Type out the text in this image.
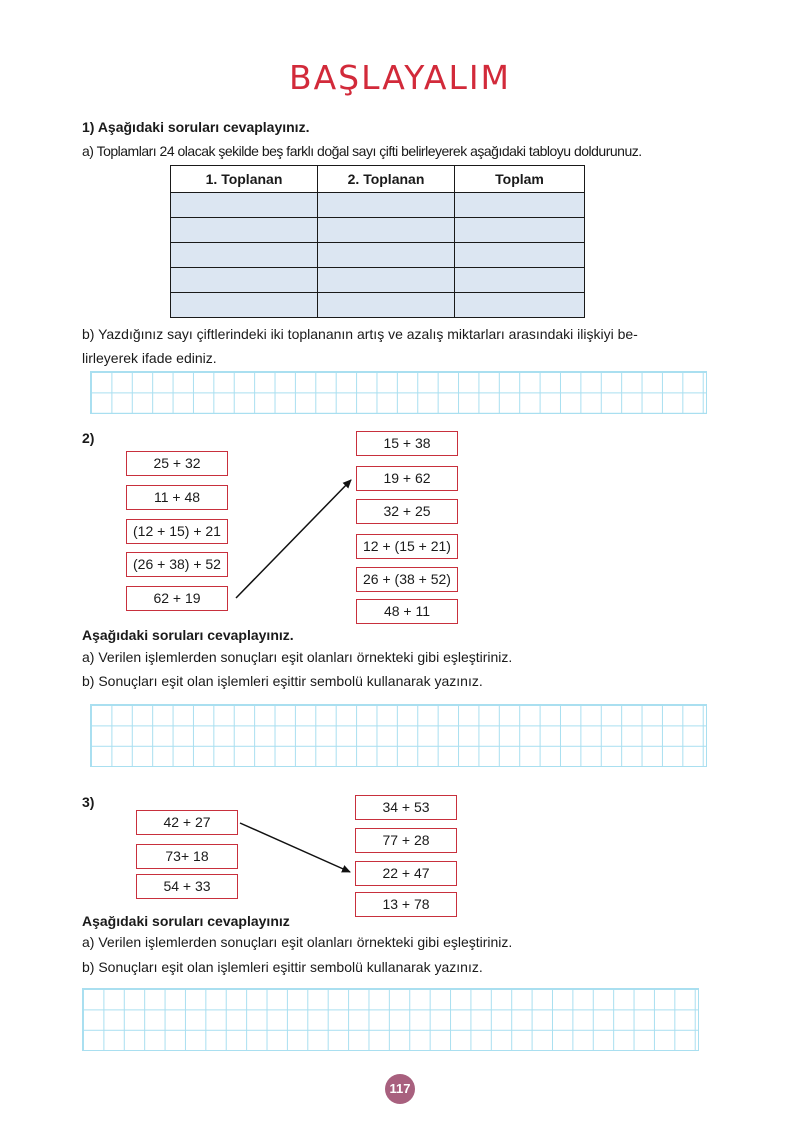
BAŞLAYALIM
1) Aşağıdaki soruları cevaplayınız.
a) Toplamları 24 olacak şekilde beş farklı doğal sayı çifti belirleyerek aşağıdaki tabloyu doldurunuz.
1. Toplanan	2. Toplanan	Toplam

b) Yazdığınız sayı çiftlerindeki iki toplananın artış ve azalış miktarları arasındaki ilişkiyi be-
lirleyerek ifade ediniz.
2)
25 + 32
11 + 48
(12 + 15) + 21
(26 + 38) + 52
62 + 19
15 + 38
19 + 62
32 + 25
12 + (15 + 21)
26 + (38 + 52)
48 + 11
Aşağıdaki soruları cevaplayınız.
a) Verilen işlemlerden sonuçları eşit olanları örnekteki gibi eşleştiriniz.
b) Sonuçları eşit olan işlemleri eşittir sembolü kullanarak yazınız.
3)
42 + 27
73+ 18
54 + 33
34 + 53
77 + 28
22 + 47
13 + 78
Aşağıdaki soruları cevaplayınız
a) Verilen işlemlerden sonuçları eşit olanları örnekteki gibi eşleştiriniz.
b) Sonuçları eşit olan işlemleri eşittir sembolü kullanarak yazınız.
117
